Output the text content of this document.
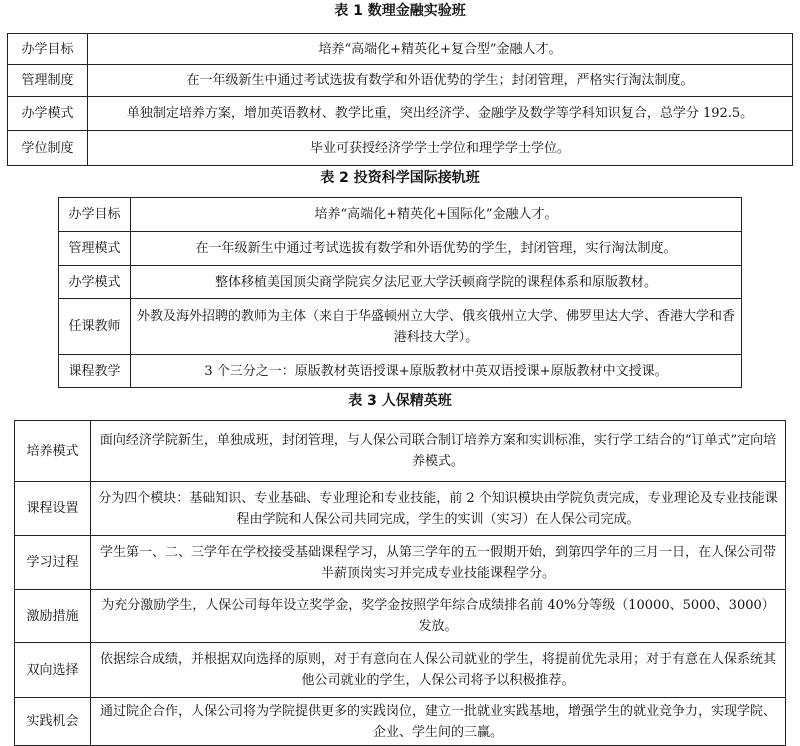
表 1 数理金融实验班
办学目标	培养“高端化+精英化+复合型”金融人才。
管理制度	在一年级新生中通过考试选拔有数学和外语优势的学生；封闭管理，严格实行淘汰制度。
办学模式	单独制定培养方案，增加英语教材、教学比重，突出经济学、金融学及数学等学科知识复合，总学分 192.5。
学位制度	毕业可获授经济学学士学位和理学学士学位。
表 2 投资科学国际接轨班
办学目标	培养“高端化+精英化+国际化”金融人才。
管理模式	在一年级新生中通过考试选拔有数学和外语优势的学生，封闭管理，实行淘汰制度。
办学模式	整体移植美国顶尖商学院宾夕法尼亚大学沃顿商学院的课程体系和原版教材。
任课教师	外教及海外招聘的教师为主体（来自于华盛顿州立大学、俄亥俄州立大学、佛罗里达大学、香港大学和香港科技大学）。
课程教学	3 个三分之一：原版教材英语授课+原版教材中英双语授课+原版教材中文授课。
表 3 人保精英班
培养模式	面向经济学院新生，单独成班，封闭管理，与人保公司联合制订培养方案和实训标准，实行学工结合的“订单式”定向培养模式。
课程设置	分为四个模块：基础知识、专业基础、专业理论和专业技能，前 2 个知识模块由学院负责完成，专业理论及专业技能课程由学院和人保公司共同完成，学生的实训（实习）在人保公司完成。
学习过程	学生第一、二、三学年在学校接受基础课程学习，从第三学年的五一假期开始，到第四学年的三月一日，在人保公司带半薪顶岗实习并完成专业技能课程学分。
激励措施	为充分激励学生，人保公司每年设立奖学金，奖学金按照学年综合成绩排名前 40%分等级（10000、5000、3000）发放。
双向选择	依据综合成绩，并根据双向选择的原则，对于有意向在人保公司就业的学生，将提前优先录用；对于有意在人保系统其他公司就业的学生，人保公司将予以积极推荐。
实践机会	通过院企合作，人保公司将为学院提供更多的实践岗位，建立一批就业实践基地，增强学生的就业竞争力，实现学院、企业、学生间的三赢。
